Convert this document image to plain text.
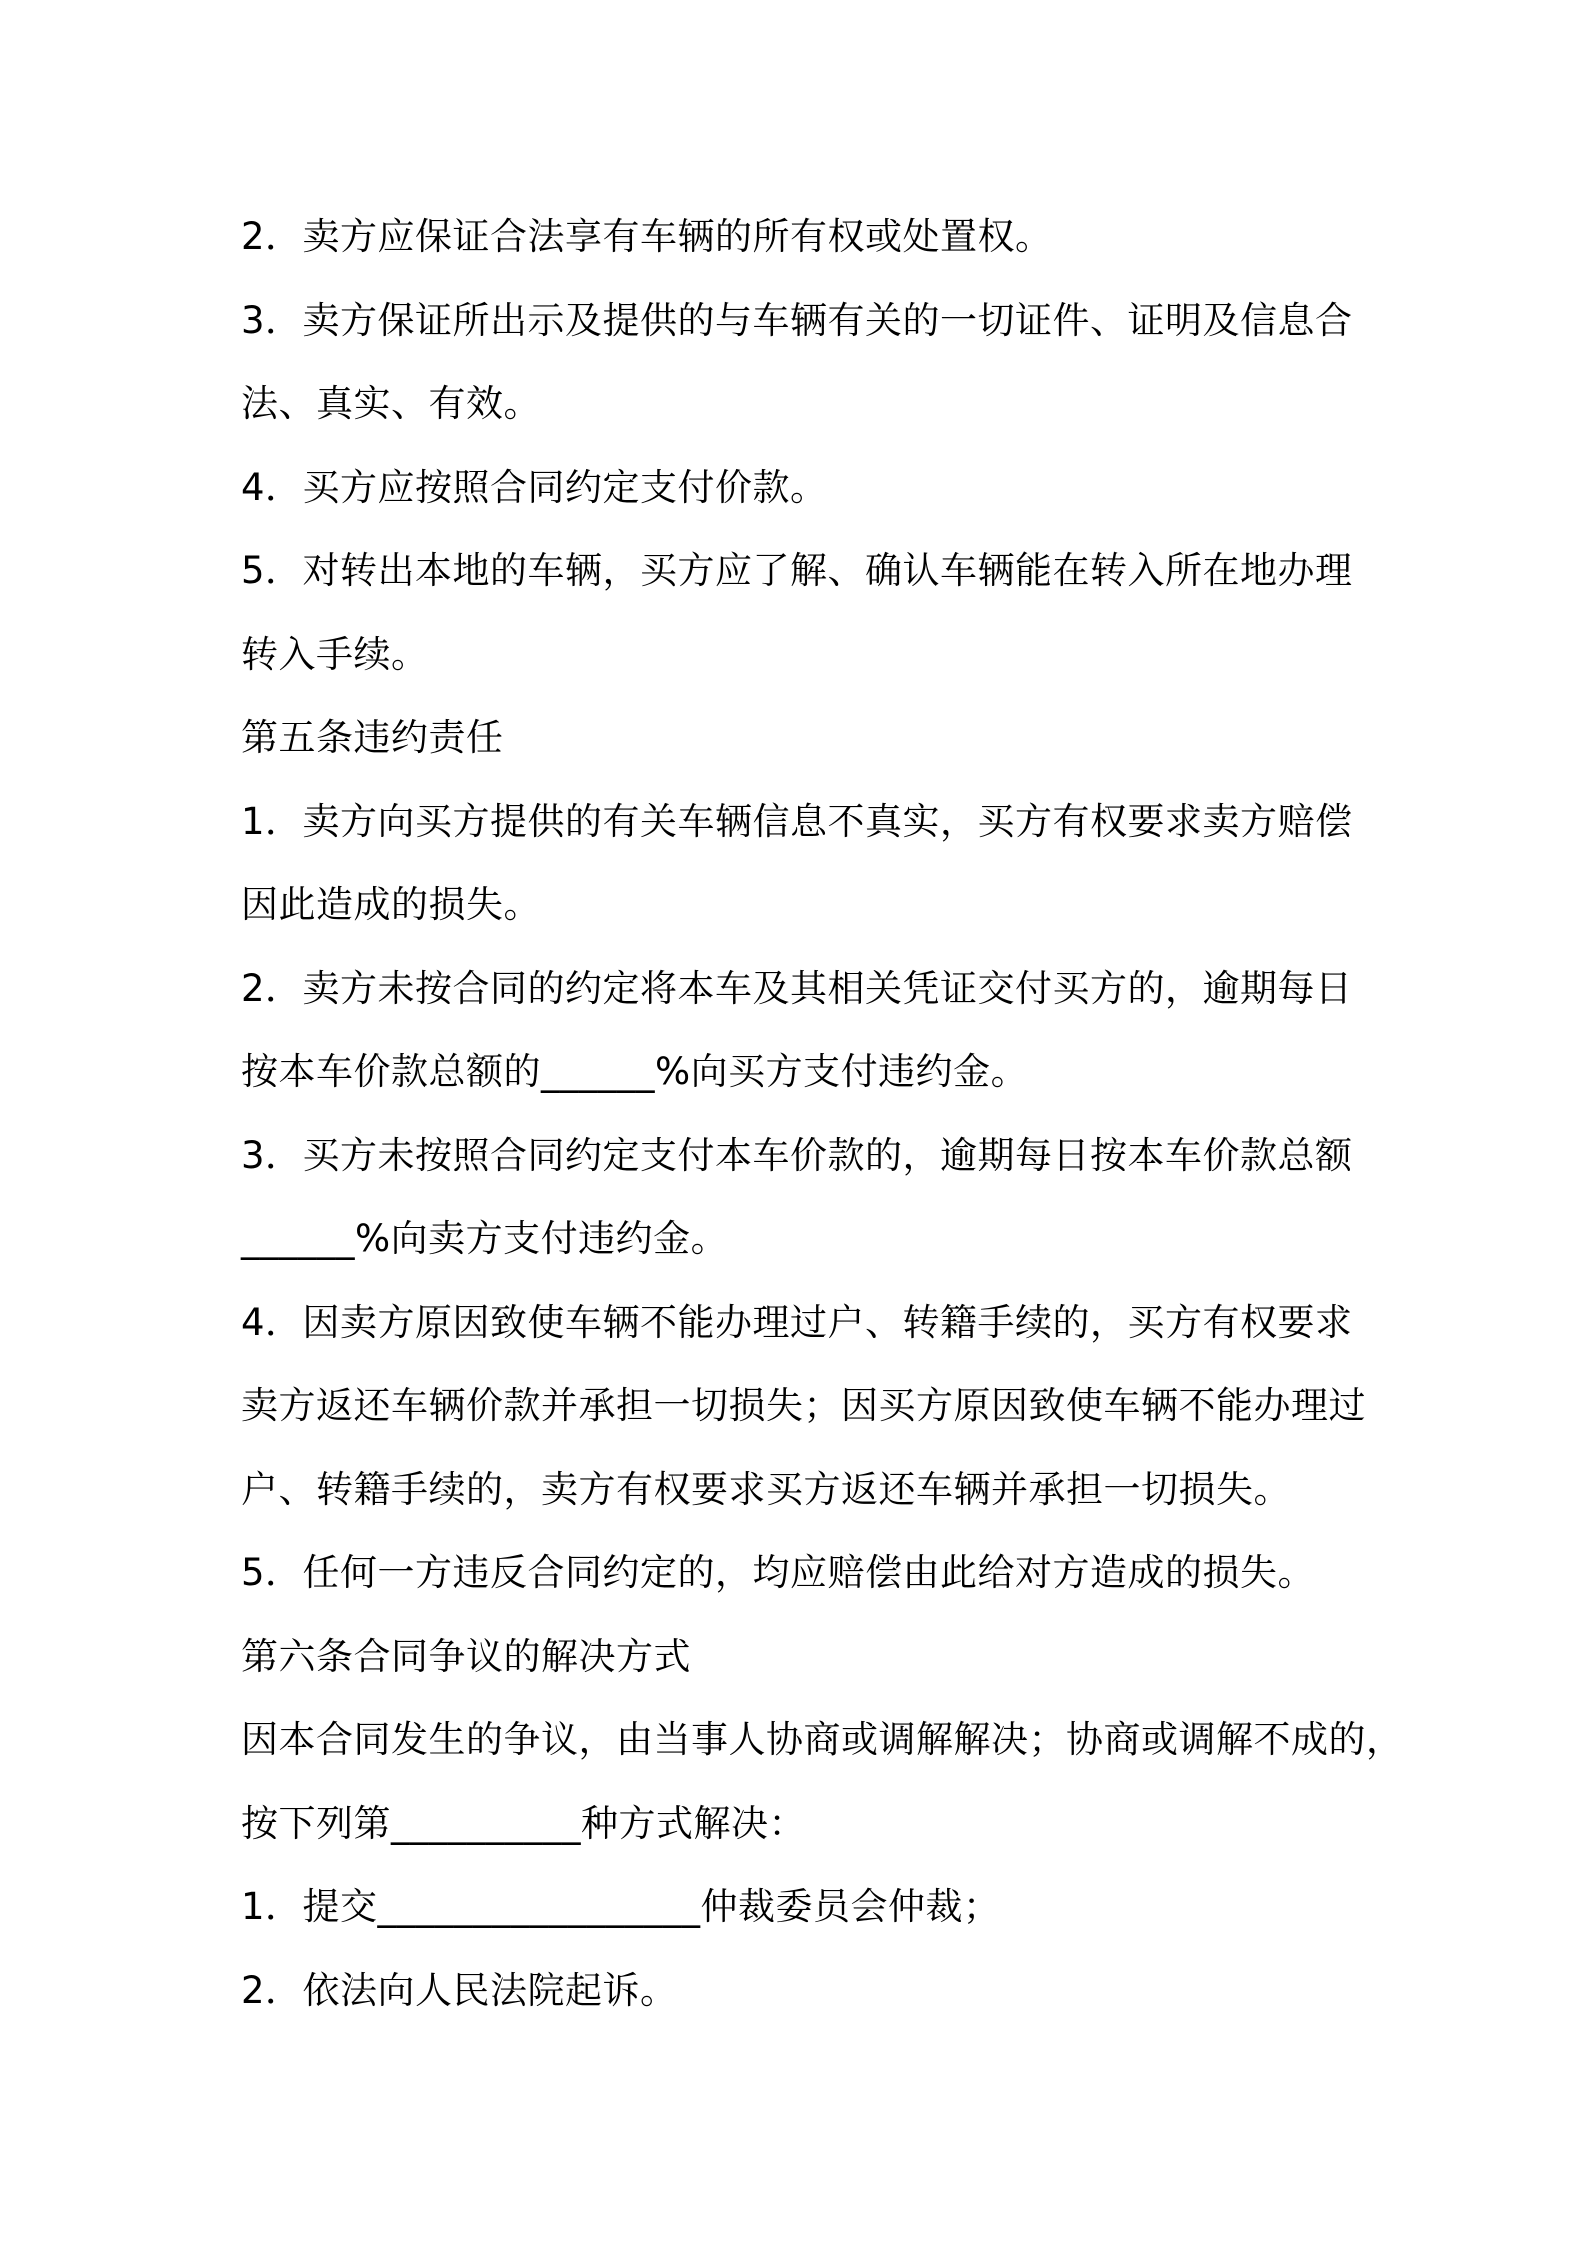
2．卖方应保证合法享有车辆的所有权或处置权。
3．卖方保证所出示及提供的与车辆有关的一切证件、证明及信息合
法、真实、有效。
4．买方应按照合同约定支付价款。
5．对转出本地的车辆，买方应了解、确认车辆能在转入所在地办理
转入手续。
第五条违约责任
1．卖方向买方提供的有关车辆信息不真实，买方有权要求卖方赔偿
因此造成的损失。
2．卖方未按合同的约定将本车及其相关凭证交付买方的，逾期每日
按本车价款总额的______%向买方支付违约金。
3．买方未按照合同约定支付本车价款的，逾期每日按本车价款总额
______%向卖方支付违约金。
4．因卖方原因致使车辆不能办理过户、转籍手续的，买方有权要求
卖方返还车辆价款并承担一切损失；因买方原因致使车辆不能办理过
户、转籍手续的，卖方有权要求买方返还车辆并承担一切损失。
5．任何一方违反合同约定的，均应赔偿由此给对方造成的损失。
第六条合同争议的解决方式
因本合同发生的争议，由当事人协商或调解解决；协商或调解不成的，
按下列第__________种方式解决：
1．提交_________________仲裁委员会仲裁；
2．依法向人民法院起诉。
